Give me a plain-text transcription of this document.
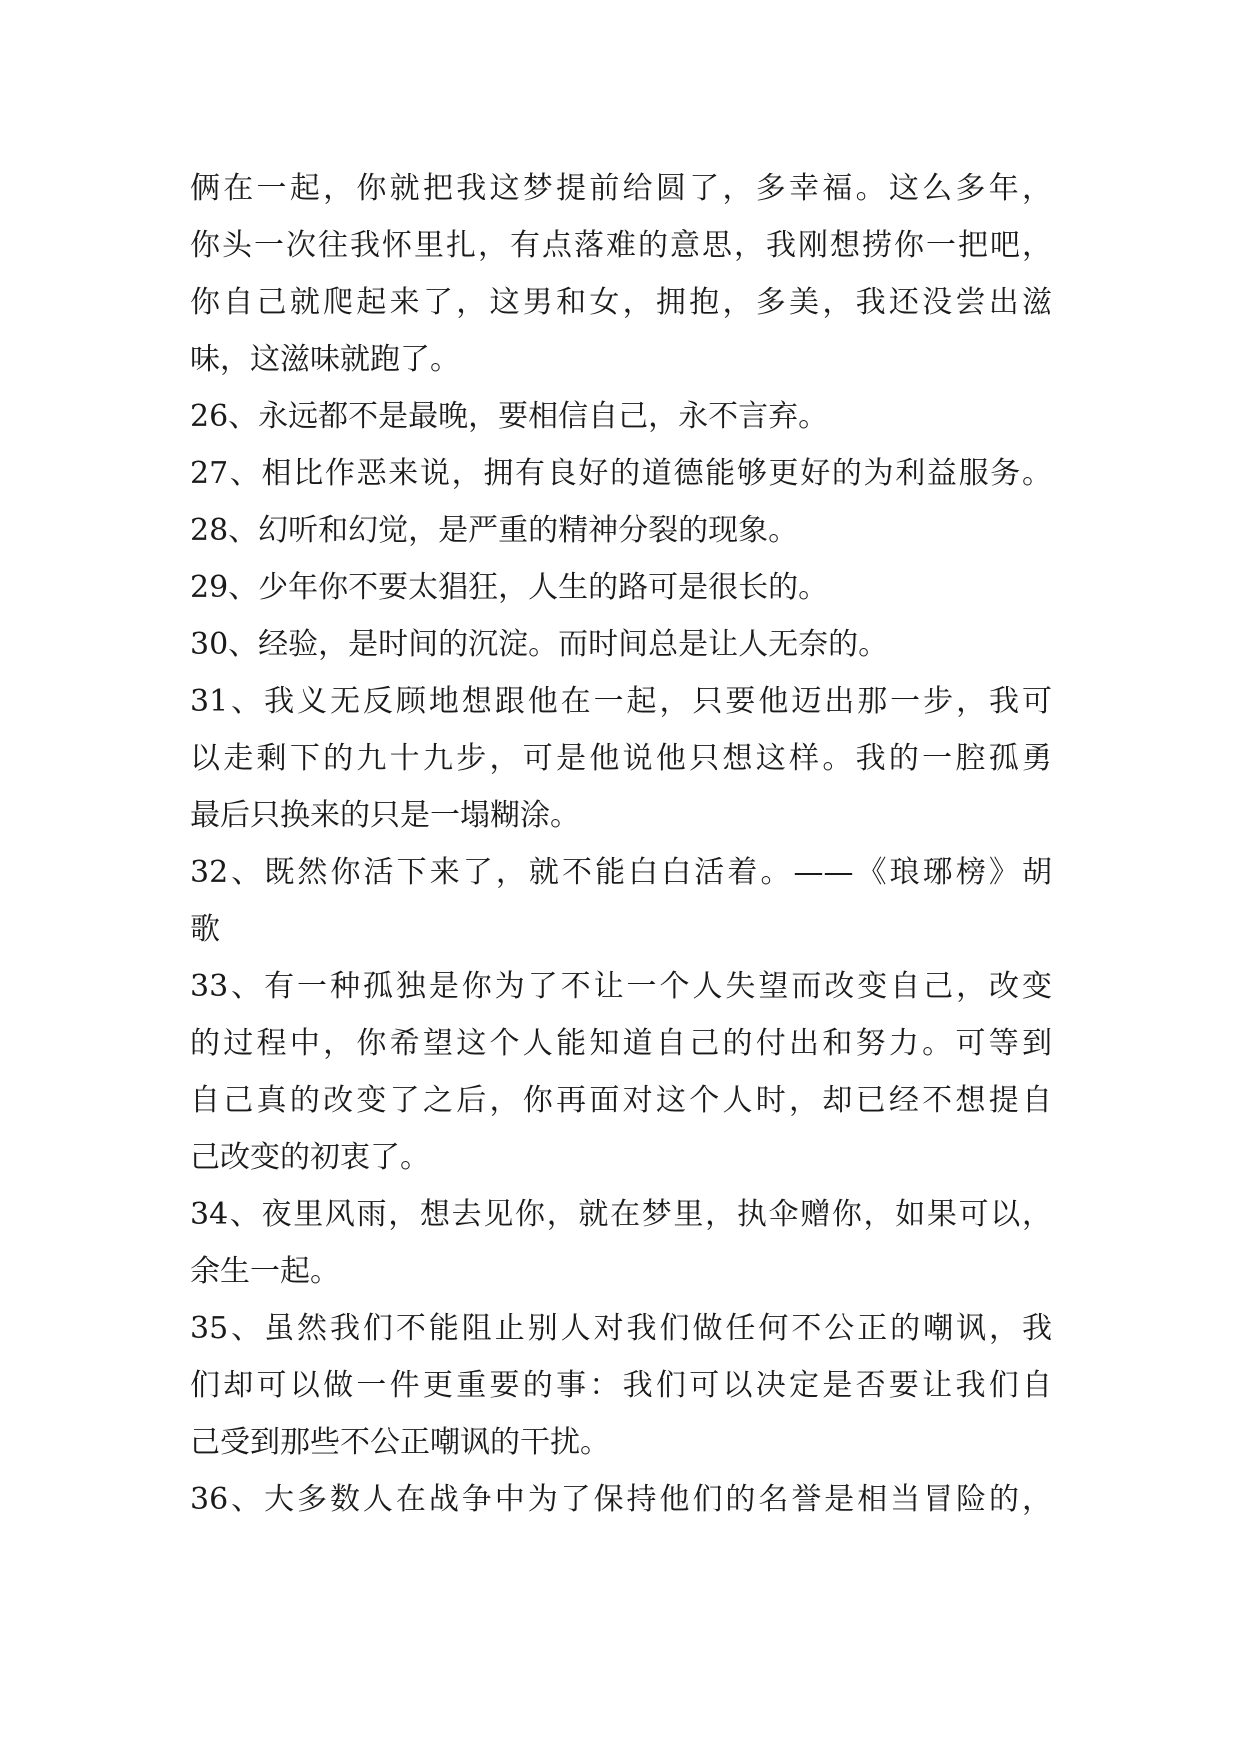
俩在一起，你就把我这梦提前给圆了，多幸福。这么多年，
你头一次往我怀里扎，有点落难的意思，我刚想捞你一把吧，
你自己就爬起来了，这男和女，拥抱，多美，我还没尝出滋
味，这滋味就跑了。
26、永远都不是最晚，要相信自己，永不言弃。
27、相比作恶来说，拥有良好的道德能够更好的为利益服务。
28、幻听和幻觉，是严重的精神分裂的现象。
29、少年你不要太猖狂，人生的路可是很长的。
30、经验，是时间的沉淀。而时间总是让人无奈的。
31、我义无反顾地想跟他在一起，只要他迈出那一步，我可
以走剩下的九十九步，可是他说他只想这样。我的一腔孤勇
最后只换来的只是一塌糊涂。
32、既然你活下来了，就不能白白活着。——《琅琊榜》胡
歌
33、有一种孤独是你为了不让一个人失望而改变自己，改变
的过程中，你希望这个人能知道自己的付出和努力。可等到
自己真的改变了之后，你再面对这个人时，却已经不想提自
己改变的初衷了。
34、夜里风雨，想去见你，就在梦里，执伞赠你，如果可以，
余生一起。
35、虽然我们不能阻止别人对我们做任何不公正的嘲讽，我
们却可以做一件更重要的事：我们可以决定是否要让我们自
己受到那些不公正嘲讽的干扰。
36、大多数人在战争中为了保持他们的名誉是相当冒险的，
